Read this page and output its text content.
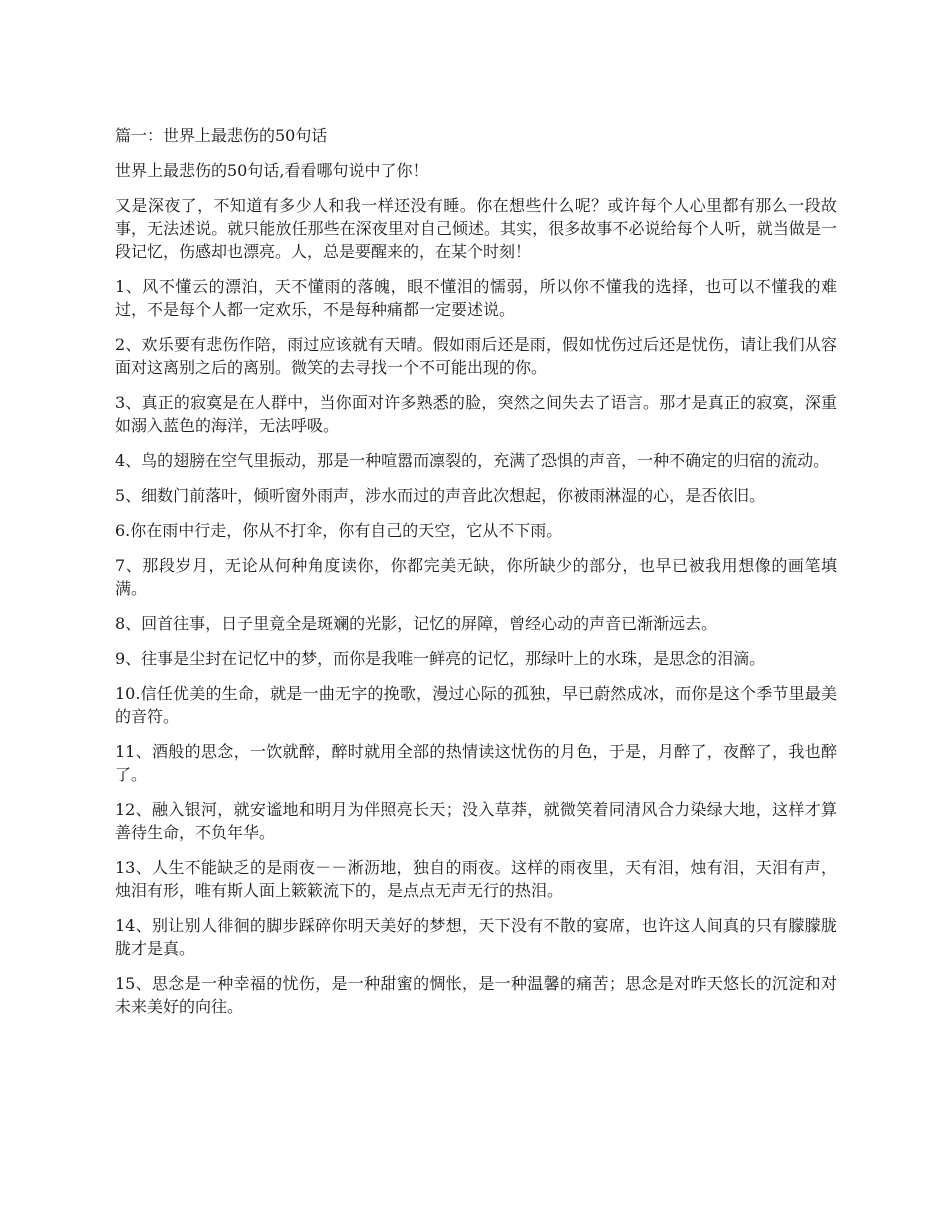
篇一：世界上最悲伤的50句话

世界上最悲伤的50句话,看看哪句说中了你！

又是深夜了，不知道有多少人和我一样还没有睡。你在想些什么呢？或许每个人心里都有那么一段故事，无法述说。就只能放任那些在深夜里对自己倾述。其实，很多故事不必说给每个人听，就当做是一段记忆，伤感却也漂亮。人，总是要醒来的，在某个时刻！

1、风不懂云的漂泊，天不懂雨的落魄，眼不懂泪的懦弱，所以你不懂我的选择，也可以不懂我的难过，不是每个人都一定欢乐，不是每种痛都一定要述说。

2、欢乐要有悲伤作陪，雨过应该就有天晴。假如雨后还是雨，假如忧伤过后还是忧伤，请让我们从容面对这离别之后的离别。微笑的去寻找一个不可能出现的你。

3、真正的寂寞是在人群中，当你面对许多熟悉的脸，突然之间失去了语言。那才是真正的寂寞，深重如溺入蓝色的海洋，无法呼吸。

4、鸟的翅膀在空气里振动，那是一种喧嚣而凛裂的，充满了恐惧的声音，一种不确定的归宿的流动。

5、细数门前落叶，倾听窗外雨声，涉水而过的声音此次想起，你被雨淋湿的心，是否依旧。

6.你在雨中行走，你从不打伞，你有自己的天空，它从不下雨。

7、那段岁月，无论从何种角度读你，你都完美无缺，你所缺少的部分，也早已被我用想像的画笔填满。

8、回首往事，日子里竟全是斑斓的光影，记忆的屏障，曾经心动的声音已渐渐远去。

9、往事是尘封在记忆中的梦，而你是我唯一鲜亮的记忆，那绿叶上的水珠，是思念的泪滴。

10.信任优美的生命，就是一曲无字的挽歌，漫过心际的孤独，早已蔚然成冰，而你是这个季节里最美的音符。

11、酒般的思念，一饮就醉，醉时就用全部的热情读这忧伤的月色，于是，月醉了，夜醉了，我也醉了。

12、融入银河，就安谧地和明月为伴照亮长天；没入草莽，就微笑着同清风合力染绿大地，这样才算善待生命，不负年华。

13、人生不能缺乏的是雨夜－－淅沥地，独自的雨夜。这样的雨夜里，天有泪，烛有泪，天泪有声，烛泪有形，唯有斯人面上簌簌流下的，是点点无声无行的热泪。

14、别让别人徘徊的脚步踩碎你明天美好的梦想，天下没有不散的宴席，也许这人间真的只有朦朦胧胧才是真。

15、思念是一种幸福的忧伤，是一种甜蜜的惆怅，是一种温馨的痛苦；思念是对昨天悠长的沉淀和对未来美好的向往。
